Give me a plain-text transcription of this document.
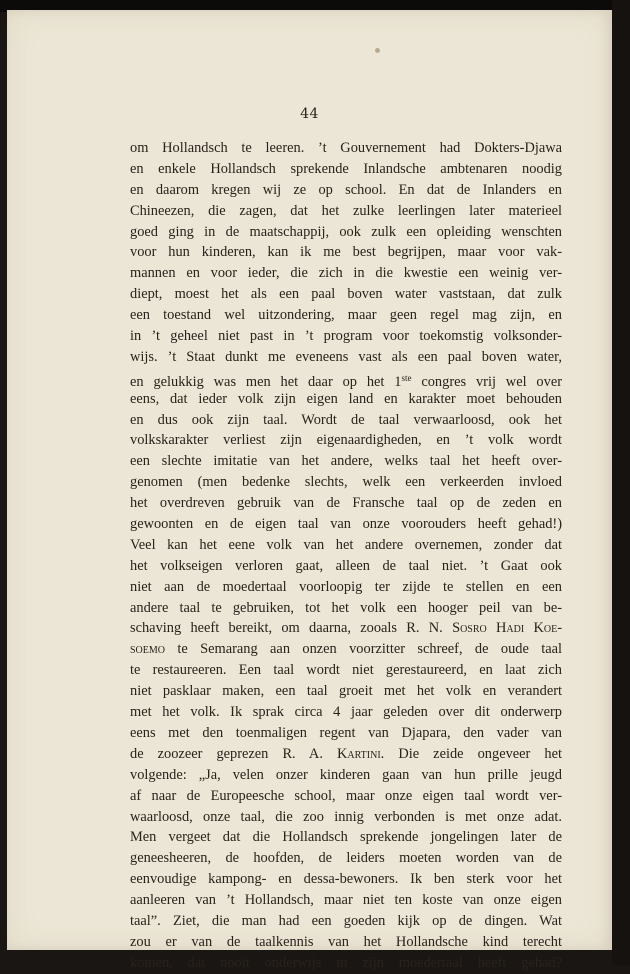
44
om Hollandsch te leeren. ’t Gouvernement had Dokters-Djawa
en enkele Hollandsch sprekende Inlandsche ambtenaren noodig
en daarom kregen wij ze op school. En dat de Inlanders en
Chineezen, die zagen, dat het zulke leerlingen later materieel
goed ging in de maatschappij, ook zulk een opleiding wenschten
voor hun kinderen, kan ik me best begrijpen, maar voor vak-
mannen en voor ieder, die zich in die kwestie een weinig ver-
diept, moest het als een paal boven water vaststaan, dat zulk
een toestand wel uitzondering, maar geen regel mag zijn, en
in ’t geheel niet past in ’t program voor toekomstig volksonder-
wijs. ’t Staat dunkt me eveneens vast als een paal boven water,
en gelukkig was men het daar op het 1ste congres vrij wel over
eens, dat ieder volk zijn eigen land en karakter moet behouden
en dus ook zijn taal. Wordt de taal verwaarloosd, ook het
volkskarakter verliest zijn eigenaardigheden, en ’t volk wordt
een slechte imitatie van het andere, welks taal het heeft over-
genomen (men bedenke slechts, welk een verkeerden invloed
het overdreven gebruik van de Fransche taal op de zeden en
gewoonten en de eigen taal van onze voorouders heeft gehad!)
Veel kan het eene volk van het andere overnemen, zonder dat
het volkseigen verloren gaat, alleen de taal niet. ’t Gaat ook
niet aan de moedertaal voorloopig ter zijde te stellen en een
andere taal te gebruiken, tot het volk een hooger peil van be-
schaving heeft bereikt, om daarna, zooals R. N. Sosro Hadi Koe-
soemo te Semarang aan onzen voorzitter schreef, de oude taal
te restaureeren. Een taal wordt niet gerestaureerd, en laat zich
niet pasklaar maken, een taal groeit met het volk en verandert
met het volk. Ik sprak circa 4 jaar geleden over dit onderwerp
eens met den toenmaligen regent van Djapara, den vader van
de zoozeer geprezen R. A. Kartini. Die zeide ongeveer het
volgende: „Ja, velen onzer kinderen gaan van hun prille jeugd
af naar de Europeesche school, maar onze eigen taal wordt ver-
waarloosd, onze taal, die zoo innig verbonden is met onze adat.
Men vergeet dat die Hollandsch sprekende jongelingen later de
geneesheeren, de hoofden, de leiders moeten worden van de
eenvoudige kampong- en dessa-bewoners. Ik ben sterk voor het
aanleeren van ’t Hollandsch, maar niet ten koste van onze eigen
taal”. Ziet, die man had een goeden kijk op de dingen. Wat
zou er van de taalkennis van het Hollandsche kind terecht
komen, dat nooit onderwijs in zijn moedertaal heeft gehad?
